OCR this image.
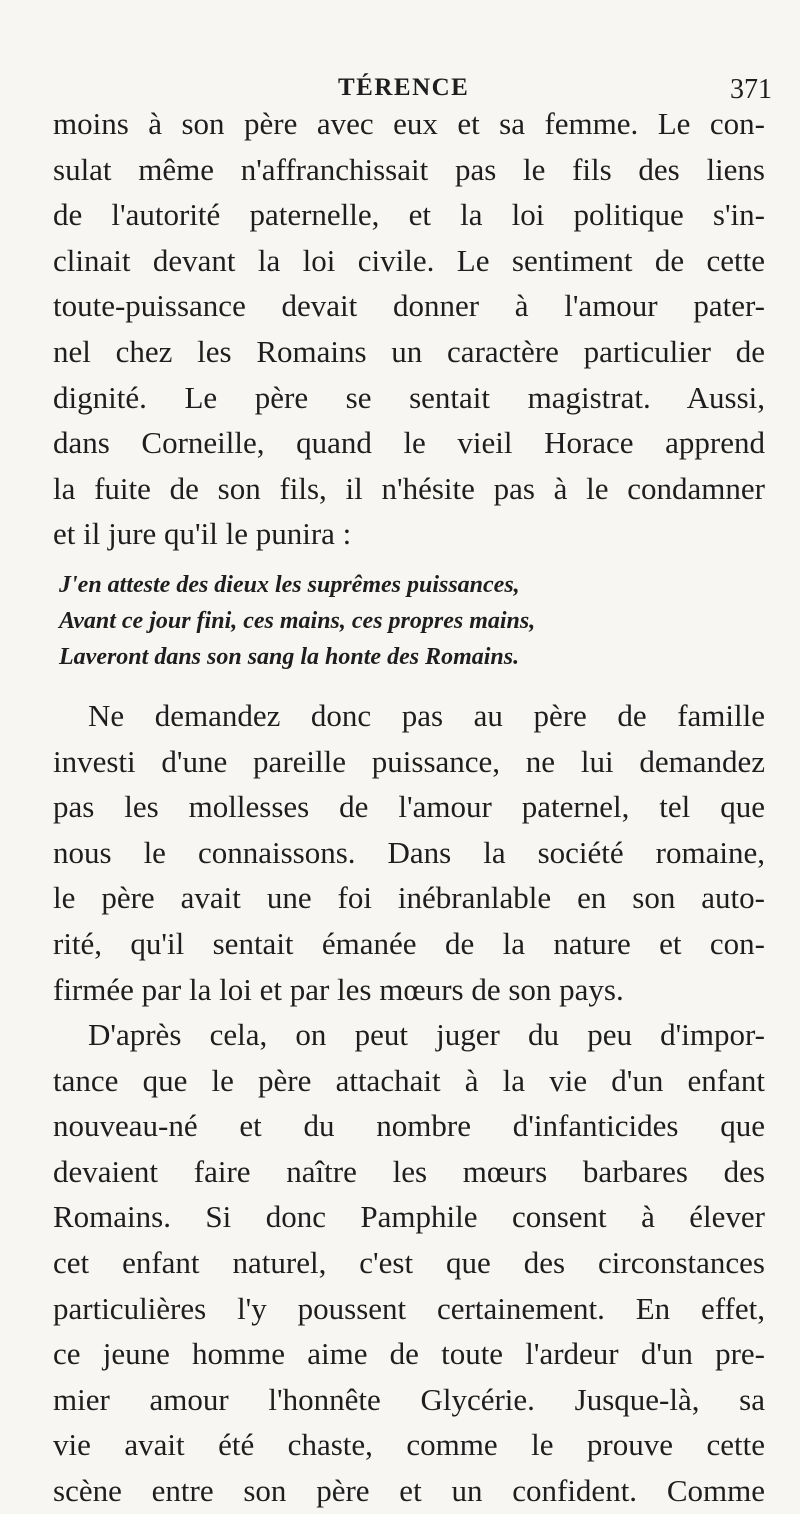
TÉRENCE	371
moins à son père avec eux et sa femme. Le con-
sulat même n'affranchissait pas le fils des liens
de l'autorité paternelle, et la loi politique s'in-
clinait devant la loi civile. Le sentiment de cette
toute-puissance devait donner à l'amour pater-
nel chez les Romains un caractère particulier de
dignité. Le père se sentait magistrat. Aussi,
dans Corneille, quand le vieil Horace apprend
la fuite de son fils, il n'hésite pas à le condamner
et il jure qu'il le punira :
J'en atteste des dieux les suprêmes puissances,
Avant ce jour fini, ces mains, ces propres mains,
Laveront dans son sang la honte des Romains.
Ne demandez donc pas au père de famille
investi d'une pareille puissance, ne lui demandez
pas les mollesses de l'amour paternel, tel que
nous le connaissons. Dans la société romaine,
le père avait une foi inébranlable en son auto-
rité, qu'il sentait émanée de la nature et con-
firmée par la loi et par les mœurs de son pays.
D'après cela, on peut juger du peu d'impor-
tance que le père attachait à la vie d'un enfant
nouveau-né et du nombre d'infanticides que
devaient faire naître les mœurs barbares des
Romains. Si donc Pamphile consent à élever
cet enfant naturel, c'est que des circonstances
particulières l'y poussent certainement. En effet,
ce jeune homme aime de toute l'ardeur d'un pre-
mier amour l'honnête Glycérie. Jusque-là, sa
vie avait été chaste, comme le prouve cette
scène entre son père et un confident. Comme
